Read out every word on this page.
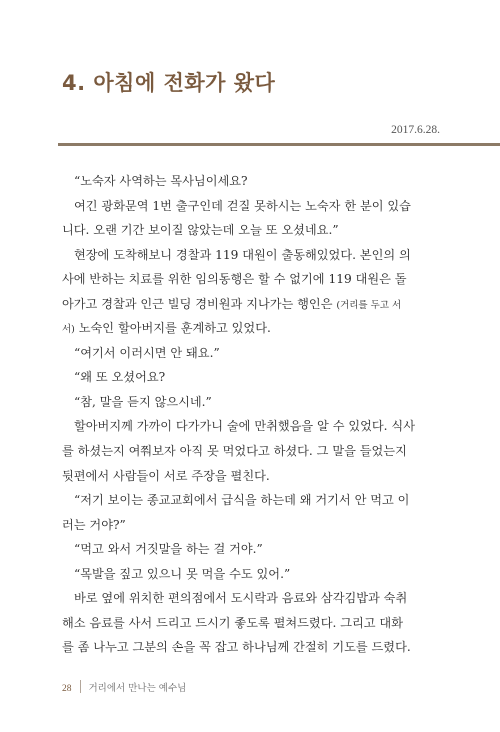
4. 아침에 전화가 왔다
2017.6.28.
“노숙자 사역하는 목사님이세요?
여긴 광화문역 1번 출구인데 걷질 못하시는 노숙자 한 분이 있습
니다. 오랜 기간 보이질 않았는데 오늘 또 오셨네요.”
현장에 도착해보니 경찰과 119 대원이 출동해있었다. 본인의 의
사에 반하는 치료를 위한 임의동행은 할 수 없기에 119 대원은 돌
아가고 경찰과 인근 빌딩 경비원과 지나가는 행인은 (거리를 두고 서
서) 노숙인 할아버지를 훈계하고 있었다.
“여기서 이러시면 안 돼요.”
“왜 또 오셨어요?
“참, 말을 듣지 않으시네.”
할아버지께 가까이 다가가니 술에 만취했음을 알 수 있었다. 식사
를 하셨는지 여쭤보자 아직 못 먹었다고 하셨다. 그 말을 들었는지
뒷편에서 사람들이 서로 주장을 펼친다.
“저기 보이는 종교교회에서 급식을 하는데 왜 거기서 안 먹고 이
러는 거야?”
“먹고 와서 거짓말을 하는 걸 거야.”
“목발을 짚고 있으니 못 먹을 수도 있어.”
바로 옆에 위치한 편의점에서 도시락과 음료와 삼각김밥과 숙취
해소 음료를 사서 드리고 드시기 좋도록 펼쳐드렸다. 그리고 대화
를 좀 나누고 그분의 손을 꼭 잡고 하나님께 간절히 기도를 드렸다.
28 거리에서 만나는 예수님
